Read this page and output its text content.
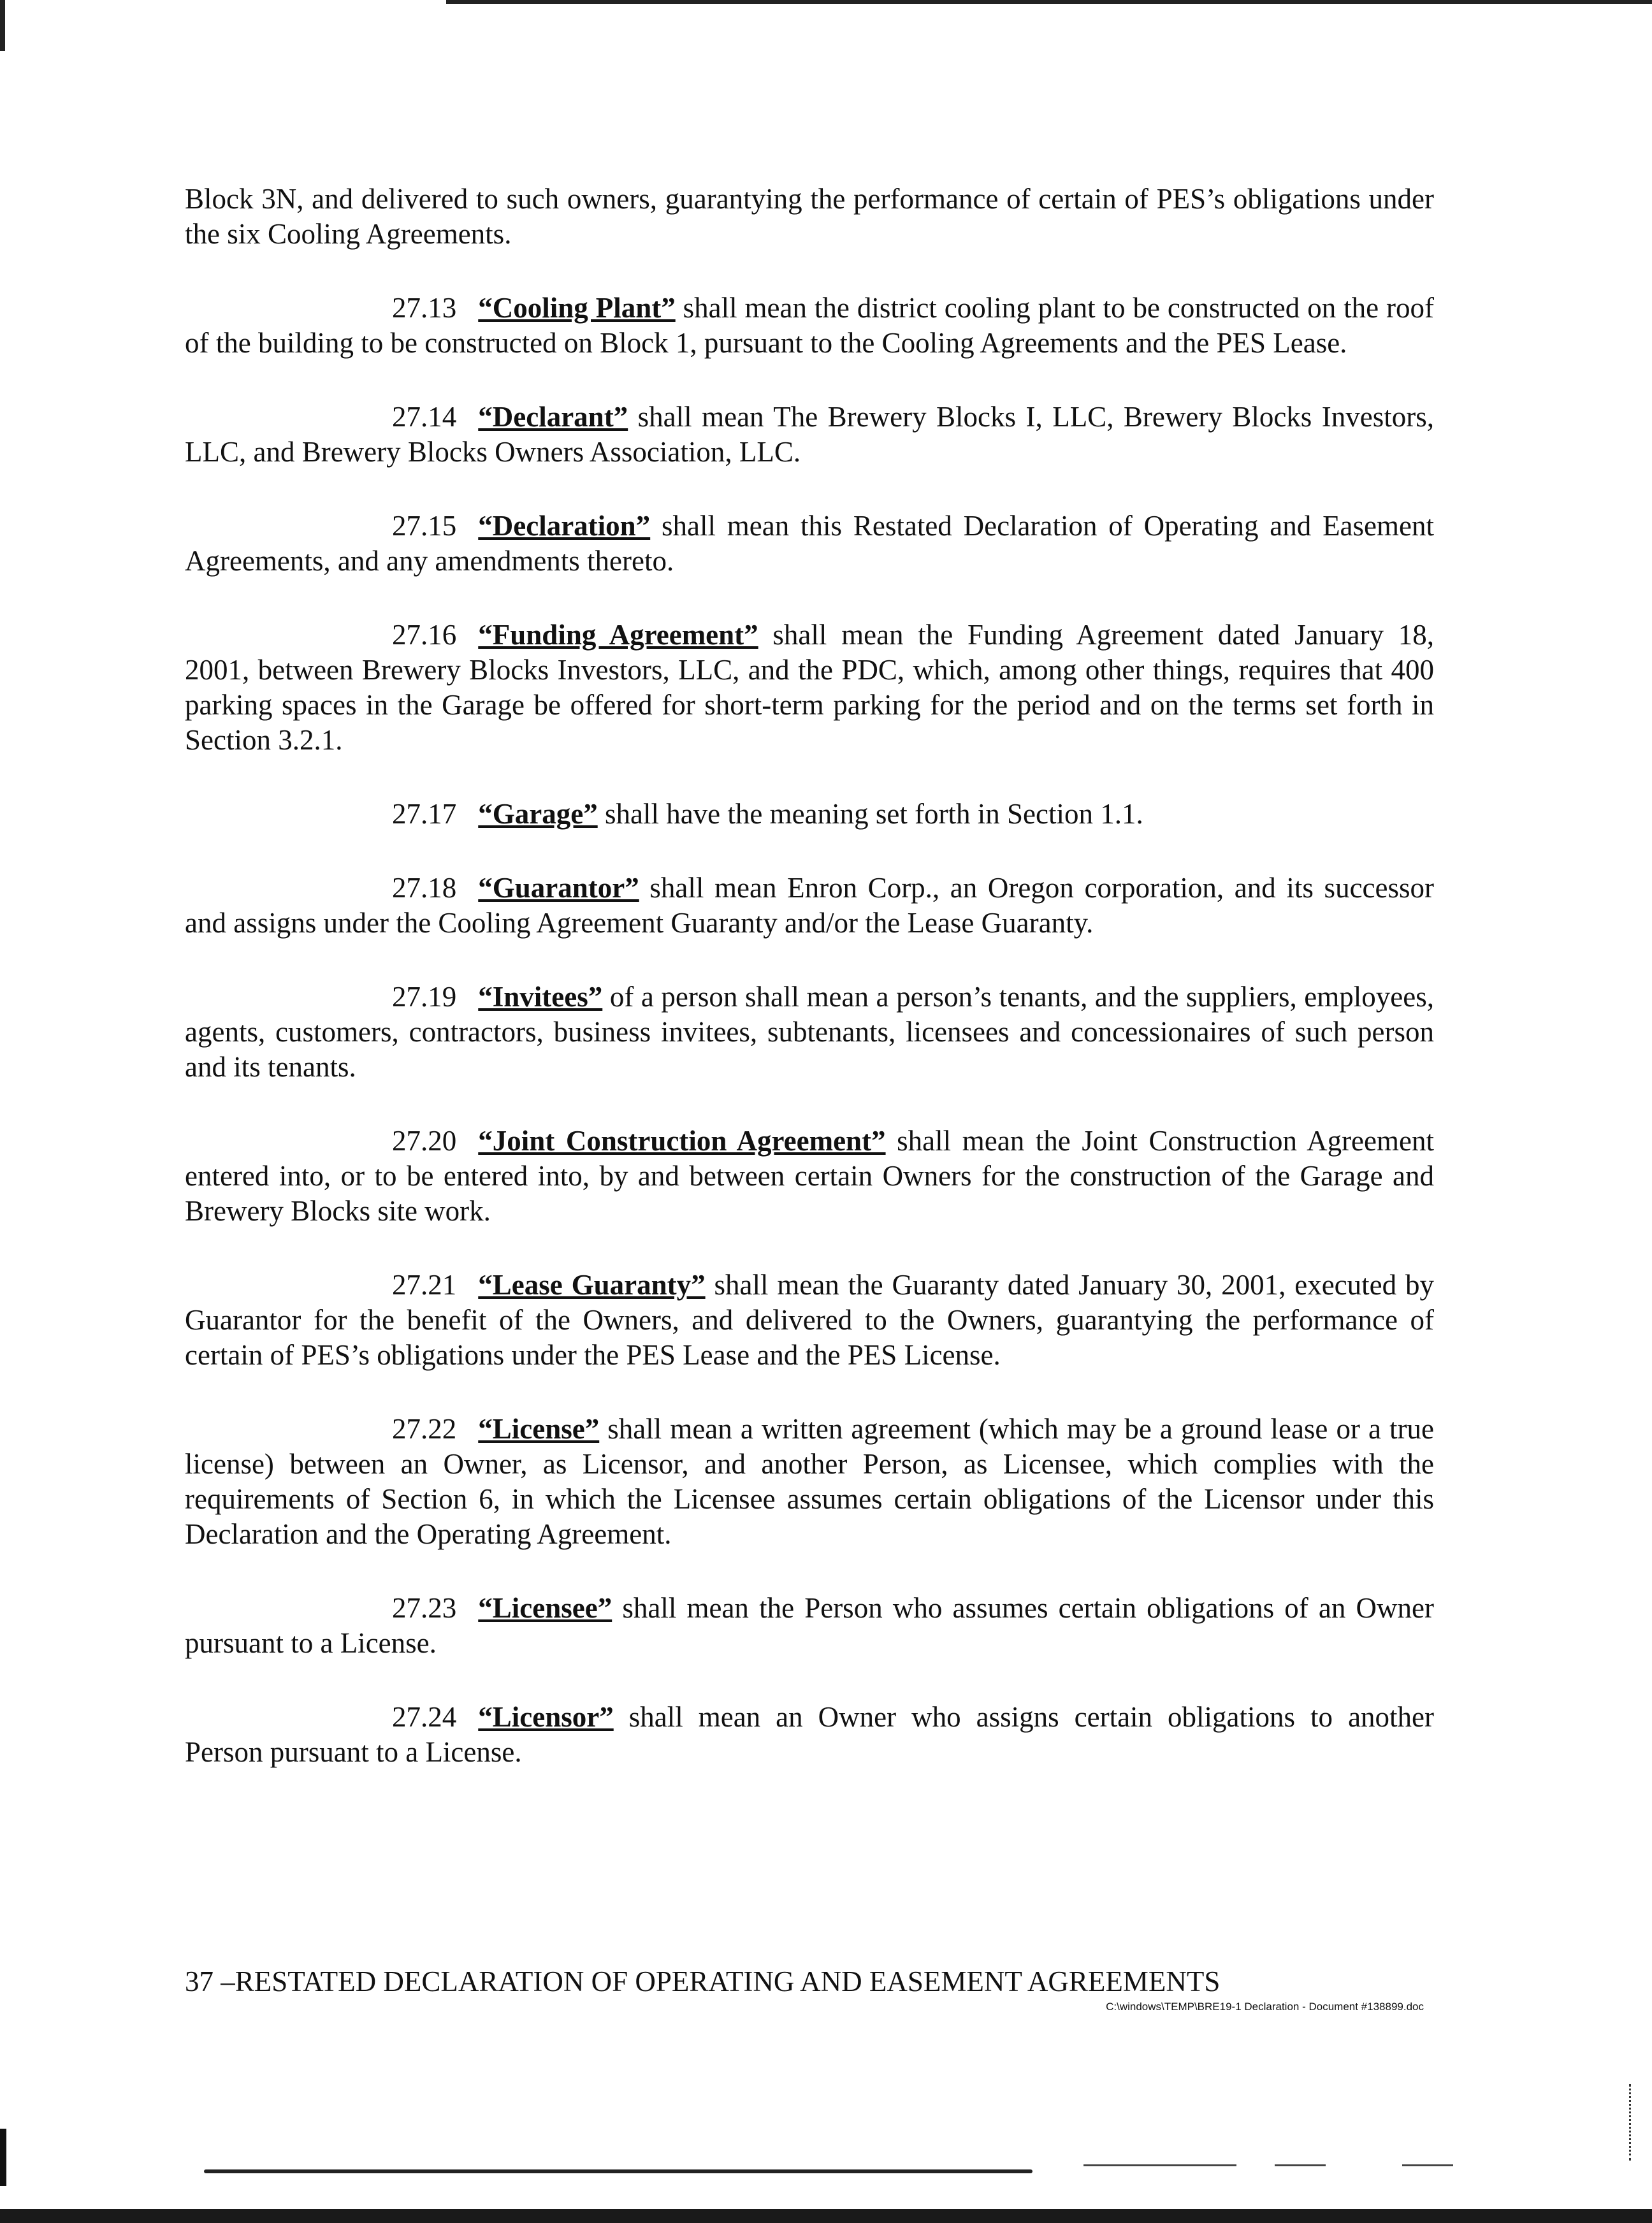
Block 3N, and delivered to such owners, guarantying the performance of certain of PES’s obligations under the six Cooling Agreements.

27.13 “Cooling Plant” shall mean the district cooling plant to be constructed on the roof of the building to be constructed on Block 1, pursuant to the Cooling Agreements and the PES Lease.

27.14 “Declarant” shall mean The Brewery Blocks I, LLC, Brewery Blocks Investors, LLC, and Brewery Blocks Owners Association, LLC.

27.15 “Declaration” shall mean this Restated Declaration of Operating and Easement Agreements, and any amendments thereto.

27.16 “Funding Agreement” shall mean the Funding Agreement dated January 18, 2001, between Brewery Blocks Investors, LLC, and the PDC, which, among other things, requires that 400 parking spaces in the Garage be offered for short-term parking for the period and on the terms set forth in Section 3.2.1.

27.17 “Garage” shall have the meaning set forth in Section 1.1.

27.18 “Guarantor” shall mean Enron Corp., an Oregon corporation, and its successor and assigns under the Cooling Agreement Guaranty and/or the Lease Guaranty.

27.19 “Invitees” of a person shall mean a person’s tenants, and the suppliers, employees, agents, customers, contractors, business invitees, subtenants, licensees and concessionaires of such person and its tenants.

27.20 “Joint Construction Agreement” shall mean the Joint Construction Agreement entered into, or to be entered into, by and between certain Owners for the construction of the Garage and Brewery Blocks site work.

27.21 “Lease Guaranty” shall mean the Guaranty dated January 30, 2001, executed by Guarantor for the benefit of the Owners, and delivered to the Owners, guarantying the performance of certain of PES’s obligations under the PES Lease and the PES License.

27.22 “License” shall mean a written agreement (which may be a ground lease or a true license) between an Owner, as Licensor, and another Person, as Licensee, which complies with the requirements of Section 6, in which the Licensee assumes certain obligations of the Licensor under this Declaration and the Operating Agreement.

27.23 “Licensee” shall mean the Person who assumes certain obligations of an Owner pursuant to a License.

27.24 “Licensor” shall mean an Owner who assigns certain obligations to another Person pursuant to a License.

37 –RESTATED DECLARATION OF OPERATING AND EASEMENT AGREEMENTS
C:\windows\TEMP\BRE19-1 Declaration - Document #138899.doc
